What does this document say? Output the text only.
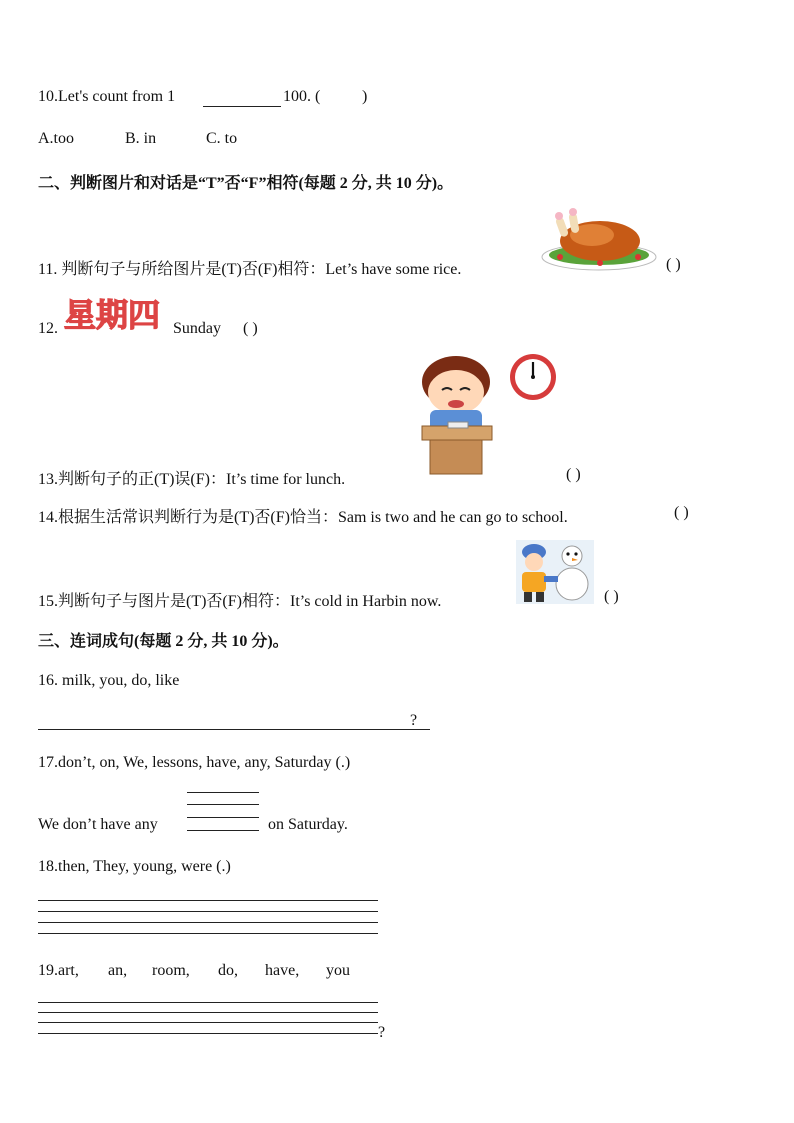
10.Let's count from 1	100. (	)
A.too	B. in	C. to
二、判断图片和对话是“T”否“F”相符(每题 2 分, 共 10 分)。
11. 判断句子与所给图片是(T)否(F)相符：Let’s have some rice.	( )
12. 星期四 Sunday ( )
13.判断句子的正(T)误(F)：It’s time for lunch.	( )
14.根据生活常识判断行为是(T)否(F)恰当：Sam is two and he can go to school.	( )
15.判断句子与图片是(T)否(F)相符：It’s cold in Harbin now.	( )
三、连词成句(每题 2 分, 共 10 分)。
16. milk, you, do, like
?
17.don’t, on, We, lessons, have, any, Saturday (.)
We don’t have any	on Saturday.
18.then, They, young, were (.)
19.art, an, room, do, have, you
?
